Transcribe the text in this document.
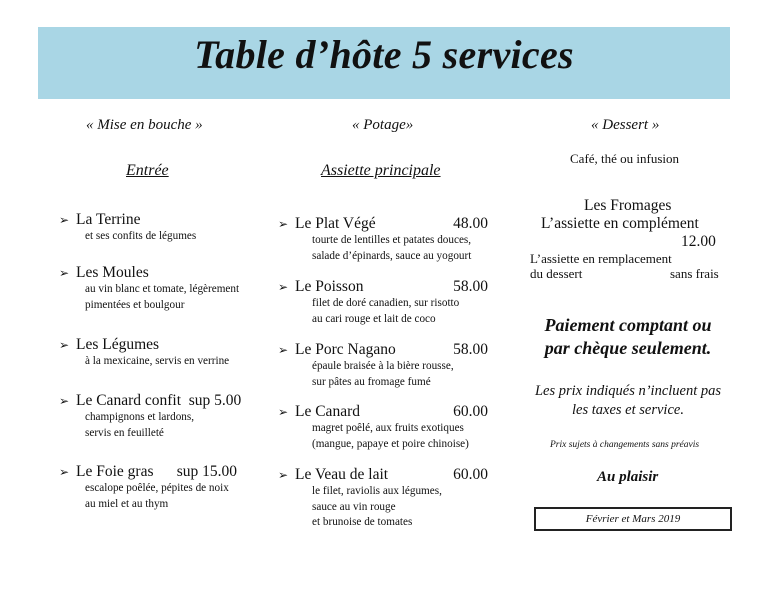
Table d’hôte 5 services
« Mise en bouche »	« Potage»	« Dessert »
Entrée	Assiette principale
➢ La Terrine
et ses confits de légumes
➢ Les Moules
au vin blanc et tomate, légèrement
pimentées et boulgour
➢ Les Légumes
à la mexicaine, servis en verrine
➢ Le Canard confit  sup 5.00
champignons et lardons,
servis en feuilleté
➢ Le Foie gras      sup 15.00
escalope poêlée, pépites de noix
au miel et au thym
➢ Le Plat Végé	48.00
tourte de lentilles et patates douces,
salade d’épinards, sauce au yogourt
➢ Le Poisson	58.00
filet de doré canadien, sur risotto
au cari rouge et lait de coco
➢ Le Porc Nagano	58.00
épaule braisée à la bière rousse,
sur pâtes au fromage fumé
➢ Le Canard	60.00
magret poêlé, aux fruits exotiques
(mangue, papaye et poire chinoise)
➢ Le Veau de lait	60.00
le filet, raviolis aux légumes,
sauce au vin rouge
et brunoise de tomates
Café, thé ou infusion
Les Fromages
L’assiette en complément
12.00
L’assiette en remplacement
du dessert	sans frais
Paiement comptant ou
par chèque seulement.
Les prix indiqués n’incluent pas
les taxes et service.
Prix sujets à changements sans préavis
Au plaisir
Février et Mars 2019
